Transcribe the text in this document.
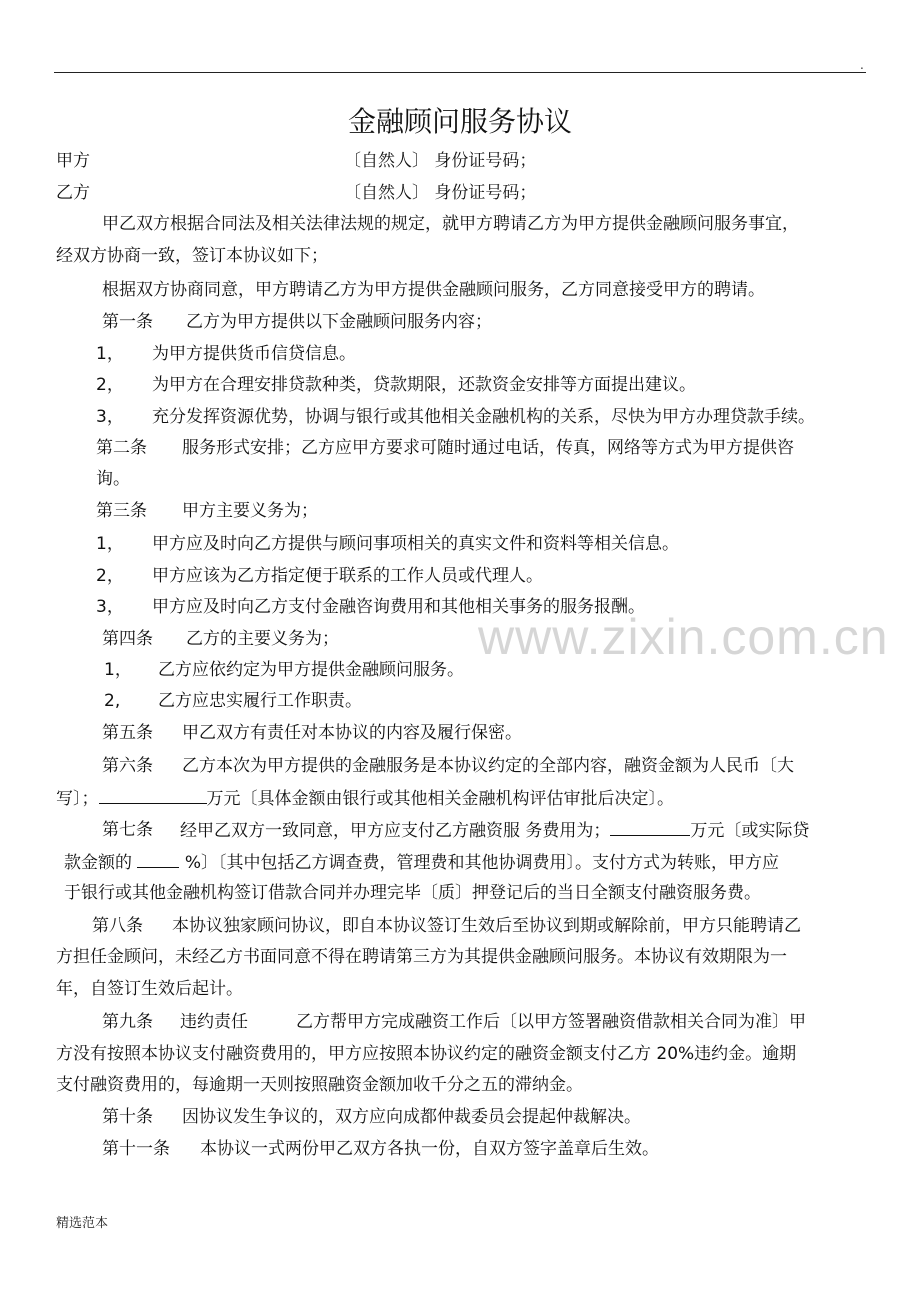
.
金融顾问服务协议
甲方	〔自然人〕 身份证号码；
乙方	〔自然人〕 身份证号码；
甲乙双方根据合同法及相关法律法规的规定，就甲方聘请乙方为甲方提供金融顾问服务事宜，
经双方协商一致，签订本协议如下；
根据双方协商同意，甲方聘请乙方为甲方提供金融顾问服务，乙方同意接受甲方的聘请。
第一条 乙方为甲方提供以下金融顾问服务内容；
1， 为甲方提供货币信贷信息。
2， 为甲方在合理安排贷款种类，贷款期限，还款资金安排等方面提出建议。
3， 充分发挥资源优势，协调与银行或其他相关金融机构的关系，尽快为甲方办理贷款手续。
第二条 服务形式安排；乙方应甲方要求可随时通过电话，传真，网络等方式为甲方提供咨
询。
第三条 甲方主要义务为；
1， 甲方应及时向乙方提供与顾问事项相关的真实文件和资料等相关信息。
2， 甲方应该为乙方指定便于联系的工作人员或代理人。
3， 甲方应及时向乙方支付金融咨询费用和其他相关事务的服务报酬。
第四条 乙方的主要义务为；
1， 乙方应依约定为甲方提供金融顾问服务。
2, 乙方应忠实履行工作职责。
第五条 甲乙双方有责任对本协议的内容及履行保密。
第六条 乙方本次为甲方提供的金融服务是本协议约定的全部内容，融资金额为人民币〔大
写〕；	万元〔具体金额由银行或其他相关金融机构评估审批后决定〕。
第七条 经甲乙双方一致同意，甲方应支付乙方融资服 务费用为；	万元〔或实际贷
款金额的	%〕〔其中包括乙方调查费，管理费和其他协调费用〕。支付方式为转账，甲方应
于银行或其他金融机构签订借款合同并办理完毕〔质〕押登记后的当日全额支付融资服务费。
第八条 本协议独家顾问协议，即自本协议签订生效后至协议到期或解除前，甲方只能聘请乙
方担任金顾问，未经乙方书面同意不得在聘请第三方为其提供金融顾问服务。本协议有效期限为一
年，自签订生效后起计。
第九条 违约责任	乙方帮甲方完成融资工作后〔以甲方签署融资借款相关合同为准〕甲
方没有按照本协议支付融资费用的，甲方应按照本协议约定的融资金额支付乙方 20%违约金。逾期
支付融资费用的，每逾期一天则按照融资金额加收千分之五的滞纳金。
第十条 因协议发生争议的，双方应向成都仲裁委员会提起仲裁解决。
第十一条 本协议一式两份甲乙双方各执一份，自双方签字盖章后生效。
www.zixin.com.cn
精选范本
